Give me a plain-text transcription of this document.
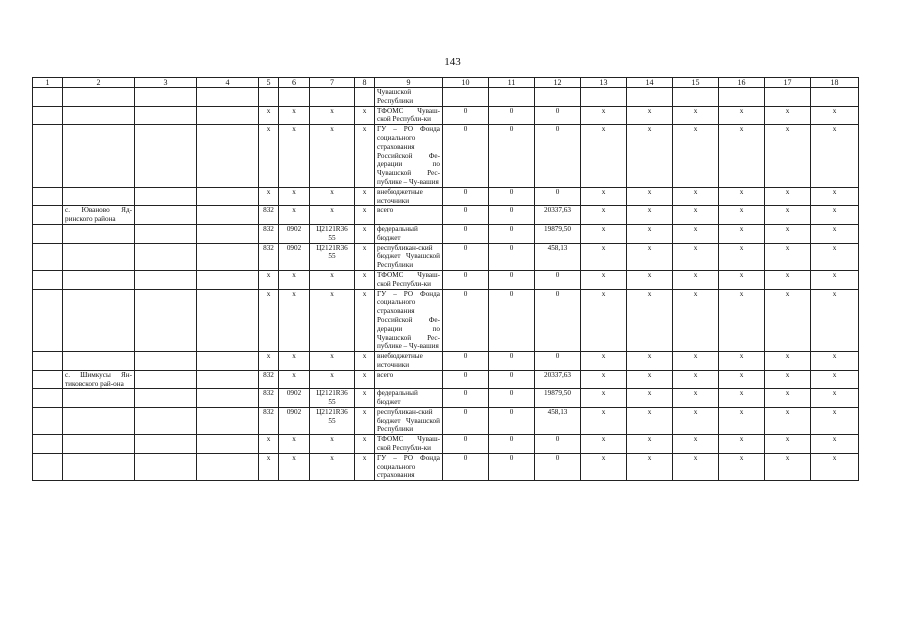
143
1	2	3	4	5	6	7	8	9	10	11	12	13	14	15	16	17	18
								Чувашской Республики									
				x	x	x	x	ТФОМС Чуваш-ской Республи-ки	0	0	0	x	x	x	x	x	x
				x	x	x	x	ГУ – РО Фонда социального страхования Российской Фе-дерации по Чувашской Рес-публике – Чу-вашия	0	0	0	x	x	x	x	x	x
				x	x	x	x	внебюджетные источники	0	0	0	x	x	x	x	x	x
	с. Юваново Яд-ринского района			832	x	x	x	всего	0	0	20337,63	x	x	x	x	x	x
				832	0902	Ц2121R36 55	x	федеральный бюджет	0	0	19879,50	x	x	x	x	x	x
				832	0902	Ц2121R36 55	x	республикан-ский бюджет Чувашской Республики	0	0	458,13	x	x	x	x	x	x
				x	x	x	x	ТФОМС Чуваш-ской Республи-ки	0	0	0	x	x	x	x	x	x
				x	x	x	x	ГУ – РО Фонда социального страхования Российской Фе-дерации по Чувашской Рес-публике – Чу-вашия	0	0	0	x	x	x	x	x	x
				x	x	x	x	внебюджетные источники	0	0	0	x	x	x	x	x	x
	с. Шимкусы Ян-тиковского рай-она			832	x	x	x	всего	0	0	20337,63	x	x	x	x	x	x
				832	0902	Ц2121R36 55	x	федеральный бюджет	0	0	19879,50	x	x	x	x	x	x
				832	0902	Ц2121R36 55	x	республикан-ский бюджет Чувашской Республики	0	0	458,13	x	x	x	x	x	x
				x	x	x	x	ТФОМС Чуваш-ской Республи-ки	0	0	0	x	x	x	x	x	x
				x	x	x	x	ГУ – РО Фонда социального страхования	0	0	0	x	x	x	x	x	x
